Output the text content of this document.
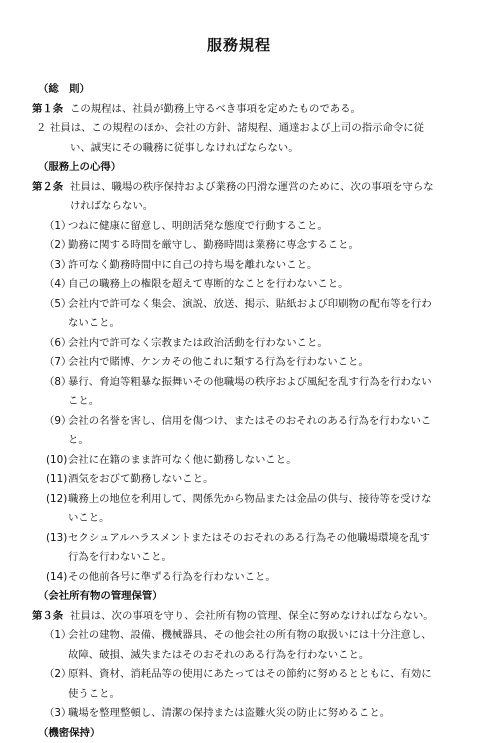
服務規程
（総　則）
第１条 この規程は、社員が勤務上守るべき事項を定めたものである。
２ 社員は、この規程のほか、会社の方針、諸規程、通達および上司の指示命令に従い、誠実にその職務に従事しなければならない。
（服務上の心得）
第２条 社員は、職場の秩序保持および業務の円滑な運営のために、次の事項を守らなければならない。
（1）
つねに健康に留意し、明朗活発な態度で行動すること。
（2）
勤務に関する時間を厳守し、勤務時間は業務に専念すること。
（3）
許可なく勤務時間中に自己の持ち場を離れないこと。
（4）
自己の職務上の権限を超えて専断的なことを行わないこと。
（5）
会社内で許可なく集会、演説、放送、掲示、貼紙および印刷物の配布等を行わないこと。
（6）
会社内で許可なく宗教または政治活動を行わないこと。
（7）
会社内で賭博、ケンカその他これに類する行為を行わないこと。
（8）
暴行、脅迫等粗暴な振舞いその他職場の秩序および風紀を乱す行為を行わないこと。
（9）
会社の名誉を害し、信用を傷つけ、またはそのおそれのある行為を行わないこと。
(10) 会社に在籍のまま許可なく他に勤務しないこと。
(11) 酒気をおびて勤務しないこと。
(12) 職務上の地位を利用して、関係先から物品または金品の供与、接待等を受けないこと。
(13) セクシュアルハラスメントまたはそのおそれのある行為その他職場環境を乱す行為を行わないこと。
(14) その他前各号に準ずる行為を行わないこと。
（会社所有物の管理保管）
第３条 社員は、次の事項を守り、会社所有物の管理、保全に努めなければならない。
（1）
会社の建物、設備、機械器具、その他会社の所有物の取扱いには十分注意し、故障、破損、滅失またはそのおそれのある行為を行わないこと。
（2）
原料、資材、消耗品等の使用にあたってはその節約に努めるとともに、有効に使うこと。
（3）
職場を整理整頓し、清潔の保持または盗難火災の防止に努めること。
（機密保持）
